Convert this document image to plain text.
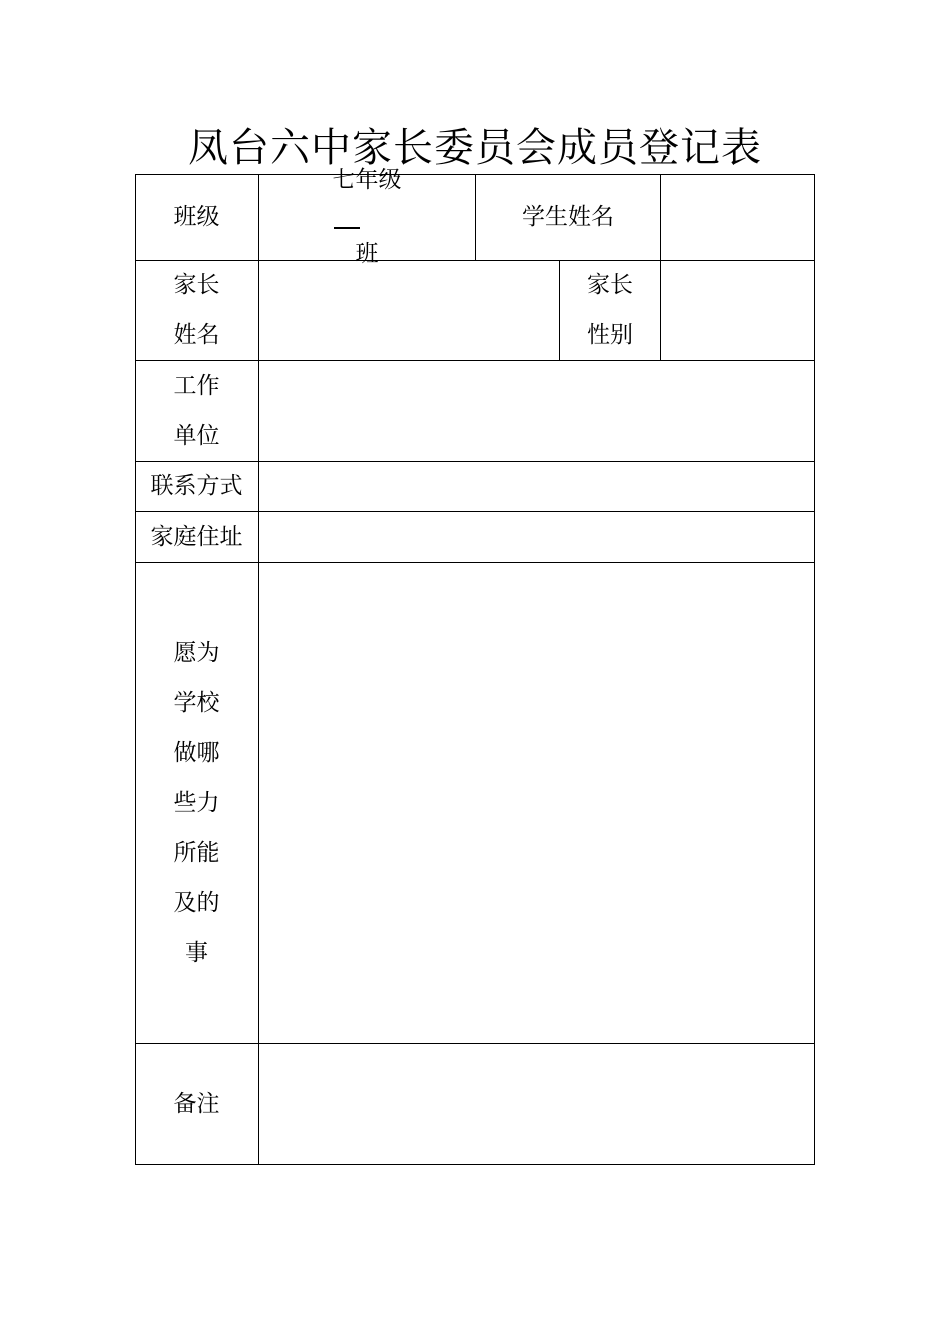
凤台六中家长委员会成员登记表
班级
七年级
班
学生姓名
家长
姓名
家长
性别
工作
单位
联系方式
家庭住址
愿为
学校
做哪
些力
所能
及的
事
备注
